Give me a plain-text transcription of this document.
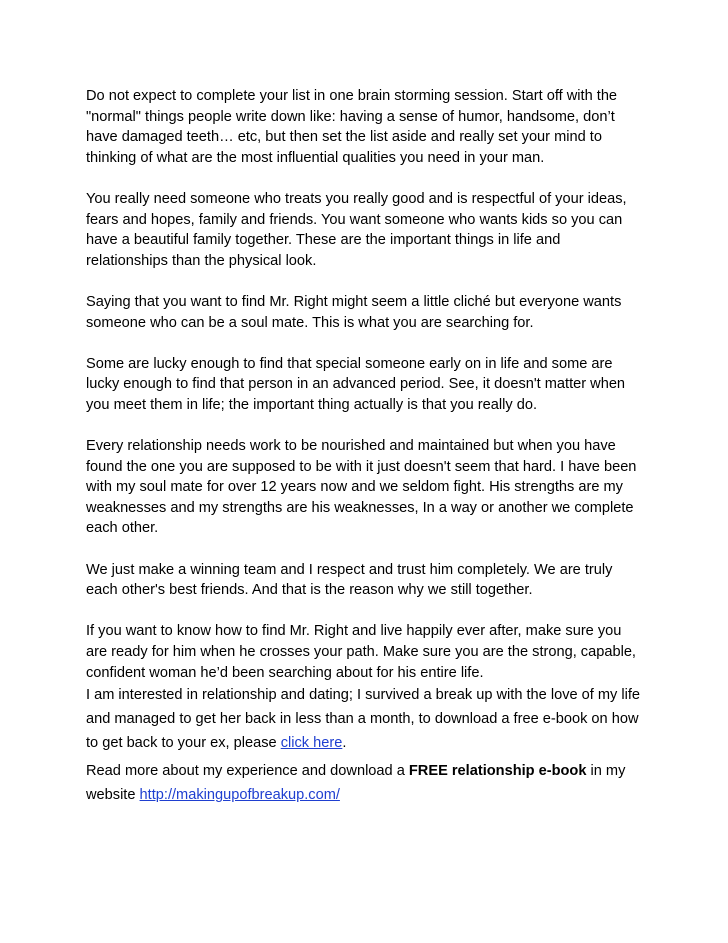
Do not expect to complete your list in one brain storming session. Start off with the "normal" things people write down like: having a sense of humor, handsome, don’t have damaged teeth… etc, but then set the list aside and really set your mind to thinking of what are the most influential qualities you need in your man.

You really need someone who treats you really good and is respectful of your ideas, fears and hopes, family and friends. You want someone who wants kids so you can have a beautiful family together. These are the important things in life and relationships than the physical look.

Saying that you want to find Mr. Right might seem a little cliché but everyone wants someone who can be a soul mate. This is what you are searching for.

Some are lucky enough to find that special someone early on in life and some are lucky enough to find that person in an advanced period. See, it doesn't matter when you meet them in life; the important thing actually is that you really do.

Every relationship needs work to be nourished and maintained but when you have found the one you are supposed to be with it just doesn't seem that hard. I have been with my soul mate for over 12 years now and we seldom fight. His strengths are my weaknesses and my strengths are his weaknesses, In a way or another we complete each other.

We just make a winning team and I respect and trust him completely. We are truly each other's best friends. And that is the reason why we still together.

If you want to know how to find Mr. Right and live happily ever after, make sure you are ready for him when he crosses your path. Make sure you are the strong, capable, confident woman he’d been searching about for his entire life.

I am interested in relationship and dating; I survived a break up with the love of my life and managed to get her back in less than a month, to download a free e-book on how to get back to your ex, please click here.

Read more about my experience and download a FREE relationship e-book in my website http://makingupofbreakup.com/
